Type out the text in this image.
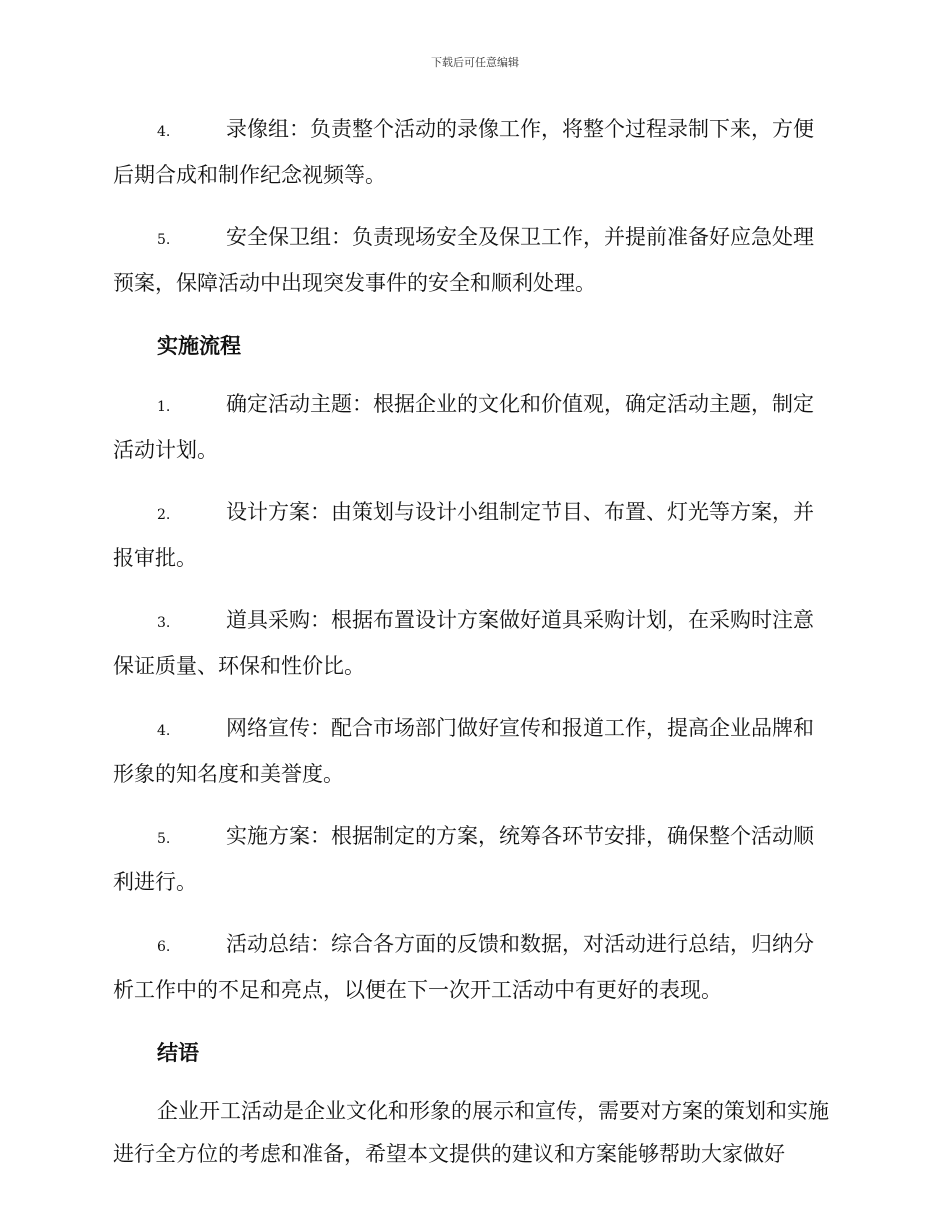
下载后可任意编辑

4.	录像组：负责整个活动的录像工作，将整个过程录制下来，方便后期合成和制作纪念视频等。

5.	安全保卫组：负责现场安全及保卫工作，并提前准备好应急处理预案，保障活动中出现突发事件的安全和顺利处理。

实施流程

1.	确定活动主题：根据企业的文化和价值观，确定活动主题，制定活动计划。

2.	设计方案：由策划与设计小组制定节目、布置、灯光等方案，并报审批。

3.	道具采购：根据布置设计方案做好道具采购计划，在采购时注意保证质量、环保和性价比。

4.	网络宣传：配合市场部门做好宣传和报道工作，提高企业品牌和形象的知名度和美誉度。

5.	实施方案：根据制定的方案，统筹各环节安排，确保整个活动顺利进行。

6.	活动总结：综合各方面的反馈和数据，对活动进行总结，归纳分析工作中的不足和亮点，以便在下一次开工活动中有更好的表现。

结语

企业开工活动是企业文化和形象的展示和宣传，需要对方案的策划和实施进行全方位的考虑和准备，希望本文提供的建议和方案能够帮助大家做好
